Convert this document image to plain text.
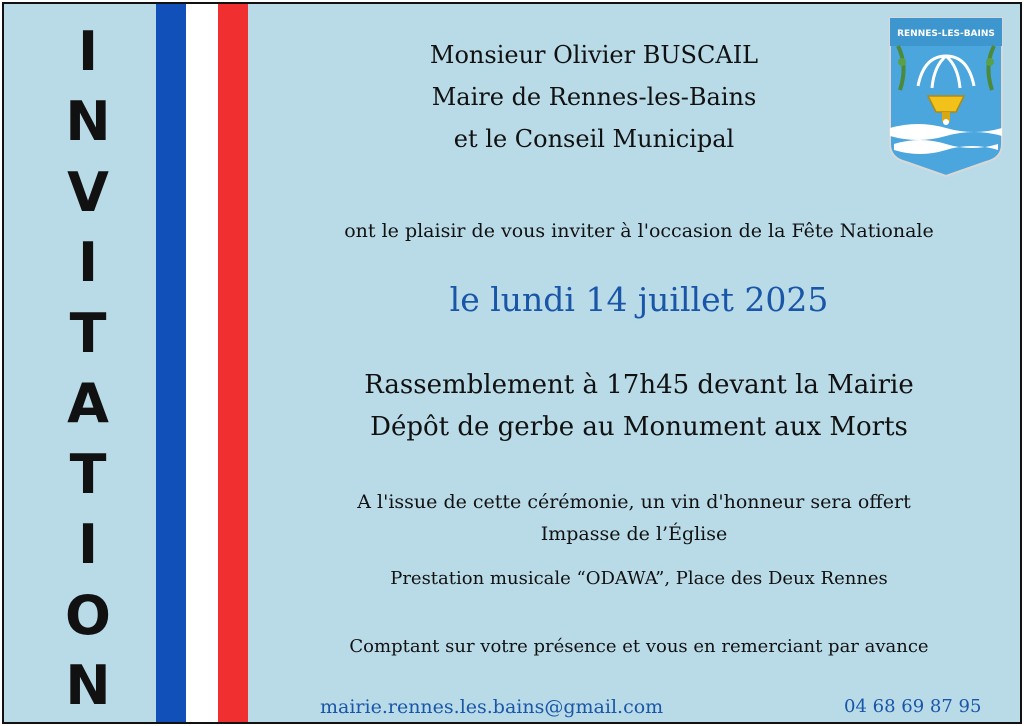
I
N
V
I
T
A
T
I
O
N
RENNES-LES-BAINS
Monsieur Olivier BUSCAIL
Maire de Rennes-les-Bains
et le Conseil Municipal
ont le plaisir de vous inviter à l'occasion de la Fête Nationale
le lundi 14 juillet 2025
Rassemblement à 17h45 devant la Mairie
Dépôt de gerbe au Monument aux Morts
A l'issue de cette cérémonie, un vin d'honneur sera offert
Impasse de l’Église
Prestation musicale “ODAWA”, Place des Deux Rennes
Comptant sur votre présence et vous en remerciant par avance
mairie.rennes.les.bains@gmail.com	04 68 69 87 95
